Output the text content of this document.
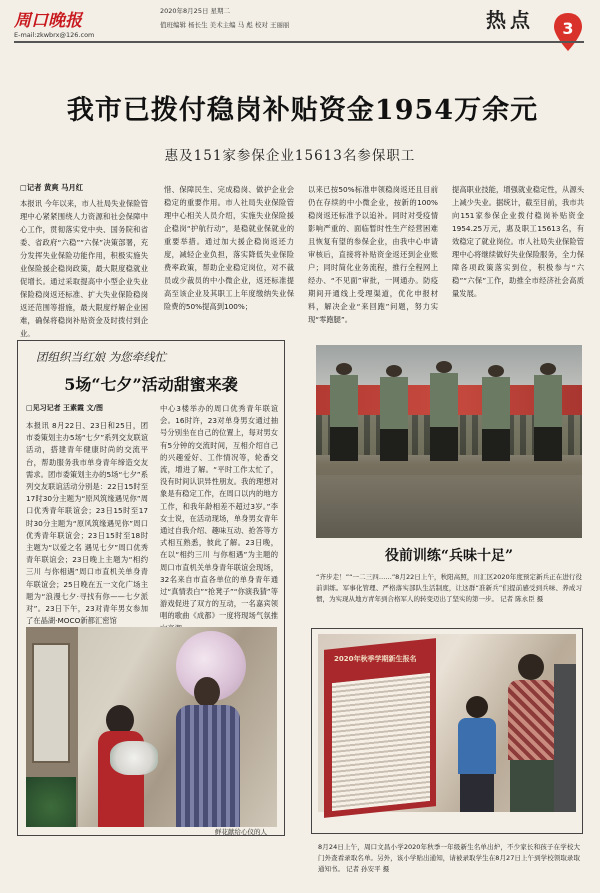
周口晚报
E-mail:zkwbrx@126.com
2020年8月25日 星期二
值班编辑 杨长生 美术主编 马 彪 校对 王丽丽	热点	3
我市已拨付稳岗补贴资金1954万余元
惠及151家参保企业15613名参保职工
□记者 黄爽 马月红
本报讯 今年以来，市人社局失业保险管理中心紧紧围绕人力资源和社会保障中心工作，贯彻落实党中央、国务院和省委、省政府“六稳”“六保”决策部署，充分发挥失业保险功能作用，积极实施失业保险援企稳岗政策，最大限度稳就业促增长。通过采取提高中小型企业失业保险稳岗返还标准、扩大失业保险稳岗返还范围等措施，最大限度纾解企业困难，确保将稳岗补贴资金及时拨付到企业。
惜、保障民生、完成稳岗、做护企业会稳定的重要作用。市人社局失业保险管理中心相关人员介绍，实施失业保险援企稳岗“护航行动”，是稳就业保就业的重要举措。通过加大援企稳岗返还力度，减轻企业负担，落实降低失业保险费率政策，帮助企业稳定岗位，对不裁员或少裁员的中小微企业，返还标准提高至该企业及其职工上年度缴纳失业保险费的50%提高到100%；
以来已按50%标准申领稳岗返还且目前仍在存续的中小微企业，按新的100%稳岗返还标准予以追补。同时对受疫情影响严重的、面临暂时性生产经营困难且恢复有望的参保企业，由我中心申请审核后，直接将补贴资金返还到企业账户；同时简化业务流程，推行全程网上经办、“不见面”审批，一网通办。防疫期间开通线上受理渠道，优化申报材料，解决企业“来回跑”问题，努力实现“零跑腿”。
提高职业技能，增强就业稳定性，从源头上减少失业。据统计，截至目前，我市共向151家参保企业拨付稳岗补贴资金1954.25万元，惠及职工15613名，有效稳定了就业岗位。市人社局失业保险管理中心将继续做好失业保险服务，全力保障各项政策落实到位，积极参与“六稳”“六保”工作，助推全市经济社会高质量发展。
团组织当红娘 为您牵线忙
5场“七夕”活动甜蜜来袭
□见习记者 王素霞 文/图
本报讯 8月22日、23日和25日，团市委策划主办5场“七夕”系列交友联谊活动，搭建青年健康时尚的交流平台，帮助服务我市单身青年缔造交友需求。团市委策划主办的5场“七夕”系列交友联谊活动分别是：22日15时至17时30分主题为“原风筑缘遇见你”周口优秀青年联谊会；23日15时至17时30分主题为“原风筑缘遇见你”周口优秀青年联谊会；23日15时至18时主题为“以爱之名 遇见七夕”周口优秀青年联谊会；23日晚上主题为“相约三川 与你相遇”周口市直机关单身青年联谊会；25日晚在五一文化广场主题为“浪漫七夕·寻找有你——七夕派对”。23日下午，23对青年男女参加了在晶湖·MOCO新都汇密馆
中心3楼举办的周口优秀青年联谊会。16时许，23对单身男女通过抽号分别坐在自己的位置上，每对男女有5分钟的交流时间，互相介绍自己的兴趣爱好、工作情况等，轮番交流，增进了解。“平时工作太忙了，没有时间认识异性朋友。我的理想对象是有稳定工作，在周口以内的地方工作，和我年龄相差不超过3岁。”李女士说，在活动现场，单身男女青年通过自我介绍、趣味互动、抢答等方式相互熟悉，彼此了解。23日晚，在以“相约三川 与你相遇”为主题的周口市直机关单身青年联谊会现场，32名来自市直各单位的单身青年通过“真情表白”“抢凳子”“你演我猜”等游戏促进了双方的互动，一名嘉宾领唱的歌曲《成都》一度将现场气氛推
鲜花献给心仪的人
役前训练“兵味十足”
“齐步走！”“一二三四……”8月22日上午，秋阳高照，川汇区2020年度预定新兵正在进行役前训练。军事化管理、严格落实部队生活制度，让这群“准新兵”们提前感受到兵味、养成习惯，为实现从地方青年到合格军人的转变迈出了坚实的第一步。 记者 陈永臣 摄
2020年秋季学期新生报名
8月24日上午，周口文昌小学2020年秋季一年级新生名单出炉，不少家长和孩子在学校大门外查看录取名单。另外，该小学贴出通知，请被录取学生在8月27日上午到学校领取录取通知书。 记者 孙安平 摄
